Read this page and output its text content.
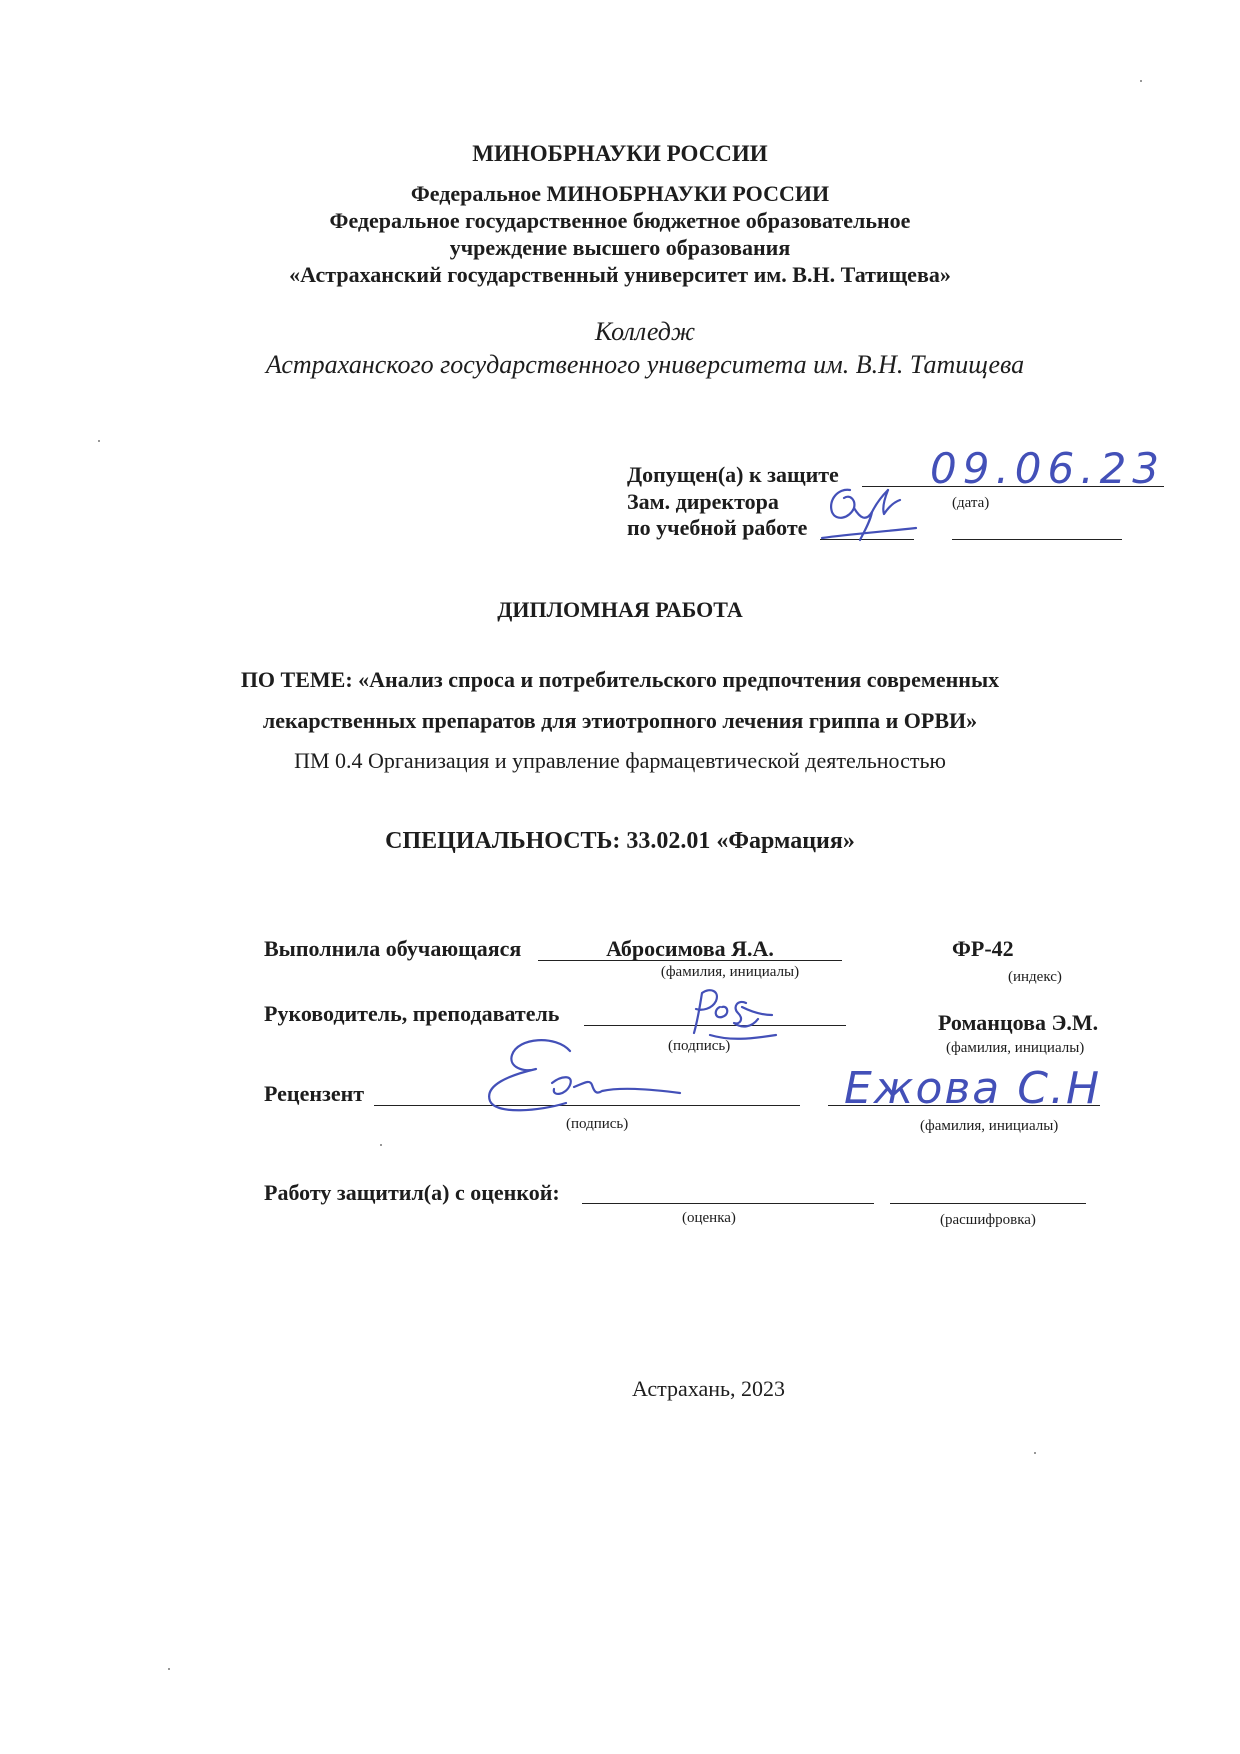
МИНОБРНАУКИ РОССИИ
Федеральное МИНОБРНАУКИ РОССИИ
Федеральное государственное бюджетное образовательное
учреждение высшего образования
«Астраханский государственный университет им. В.Н. Татищева»
Колледж
Астраханского государственного университета им. В.Н. Татищева
Допущен(а) к защите 09.06.23
Зам. директора	(дата)
по учебной работе
ДИПЛОМНАЯ РАБОТА
ПО ТЕМЕ: «Анализ спроса и потребительского предпочтения современных
лекарственных препаратов для этиотропного лечения гриппа и ОРВИ»
ПМ 0.4 Организация и управление фармацевтической деятельностью
СПЕЦИАЛЬНОСТЬ: 33.02.01 «Фармация»
Выполнила обучающаяся	Абросимова Я.А.
(фамилия, инициалы)
ФР-42
(индекс)
Руководитель, преподаватель
(подпись)
Романцова Э.М.
(фамилия, инициалы)
Рецензент
(подпись)
Ежова С.Н
(фамилия, инициалы)
Работу защитил(а) с оценкой:
(оценка)	(расшифровка)
Астрахань, 2023
